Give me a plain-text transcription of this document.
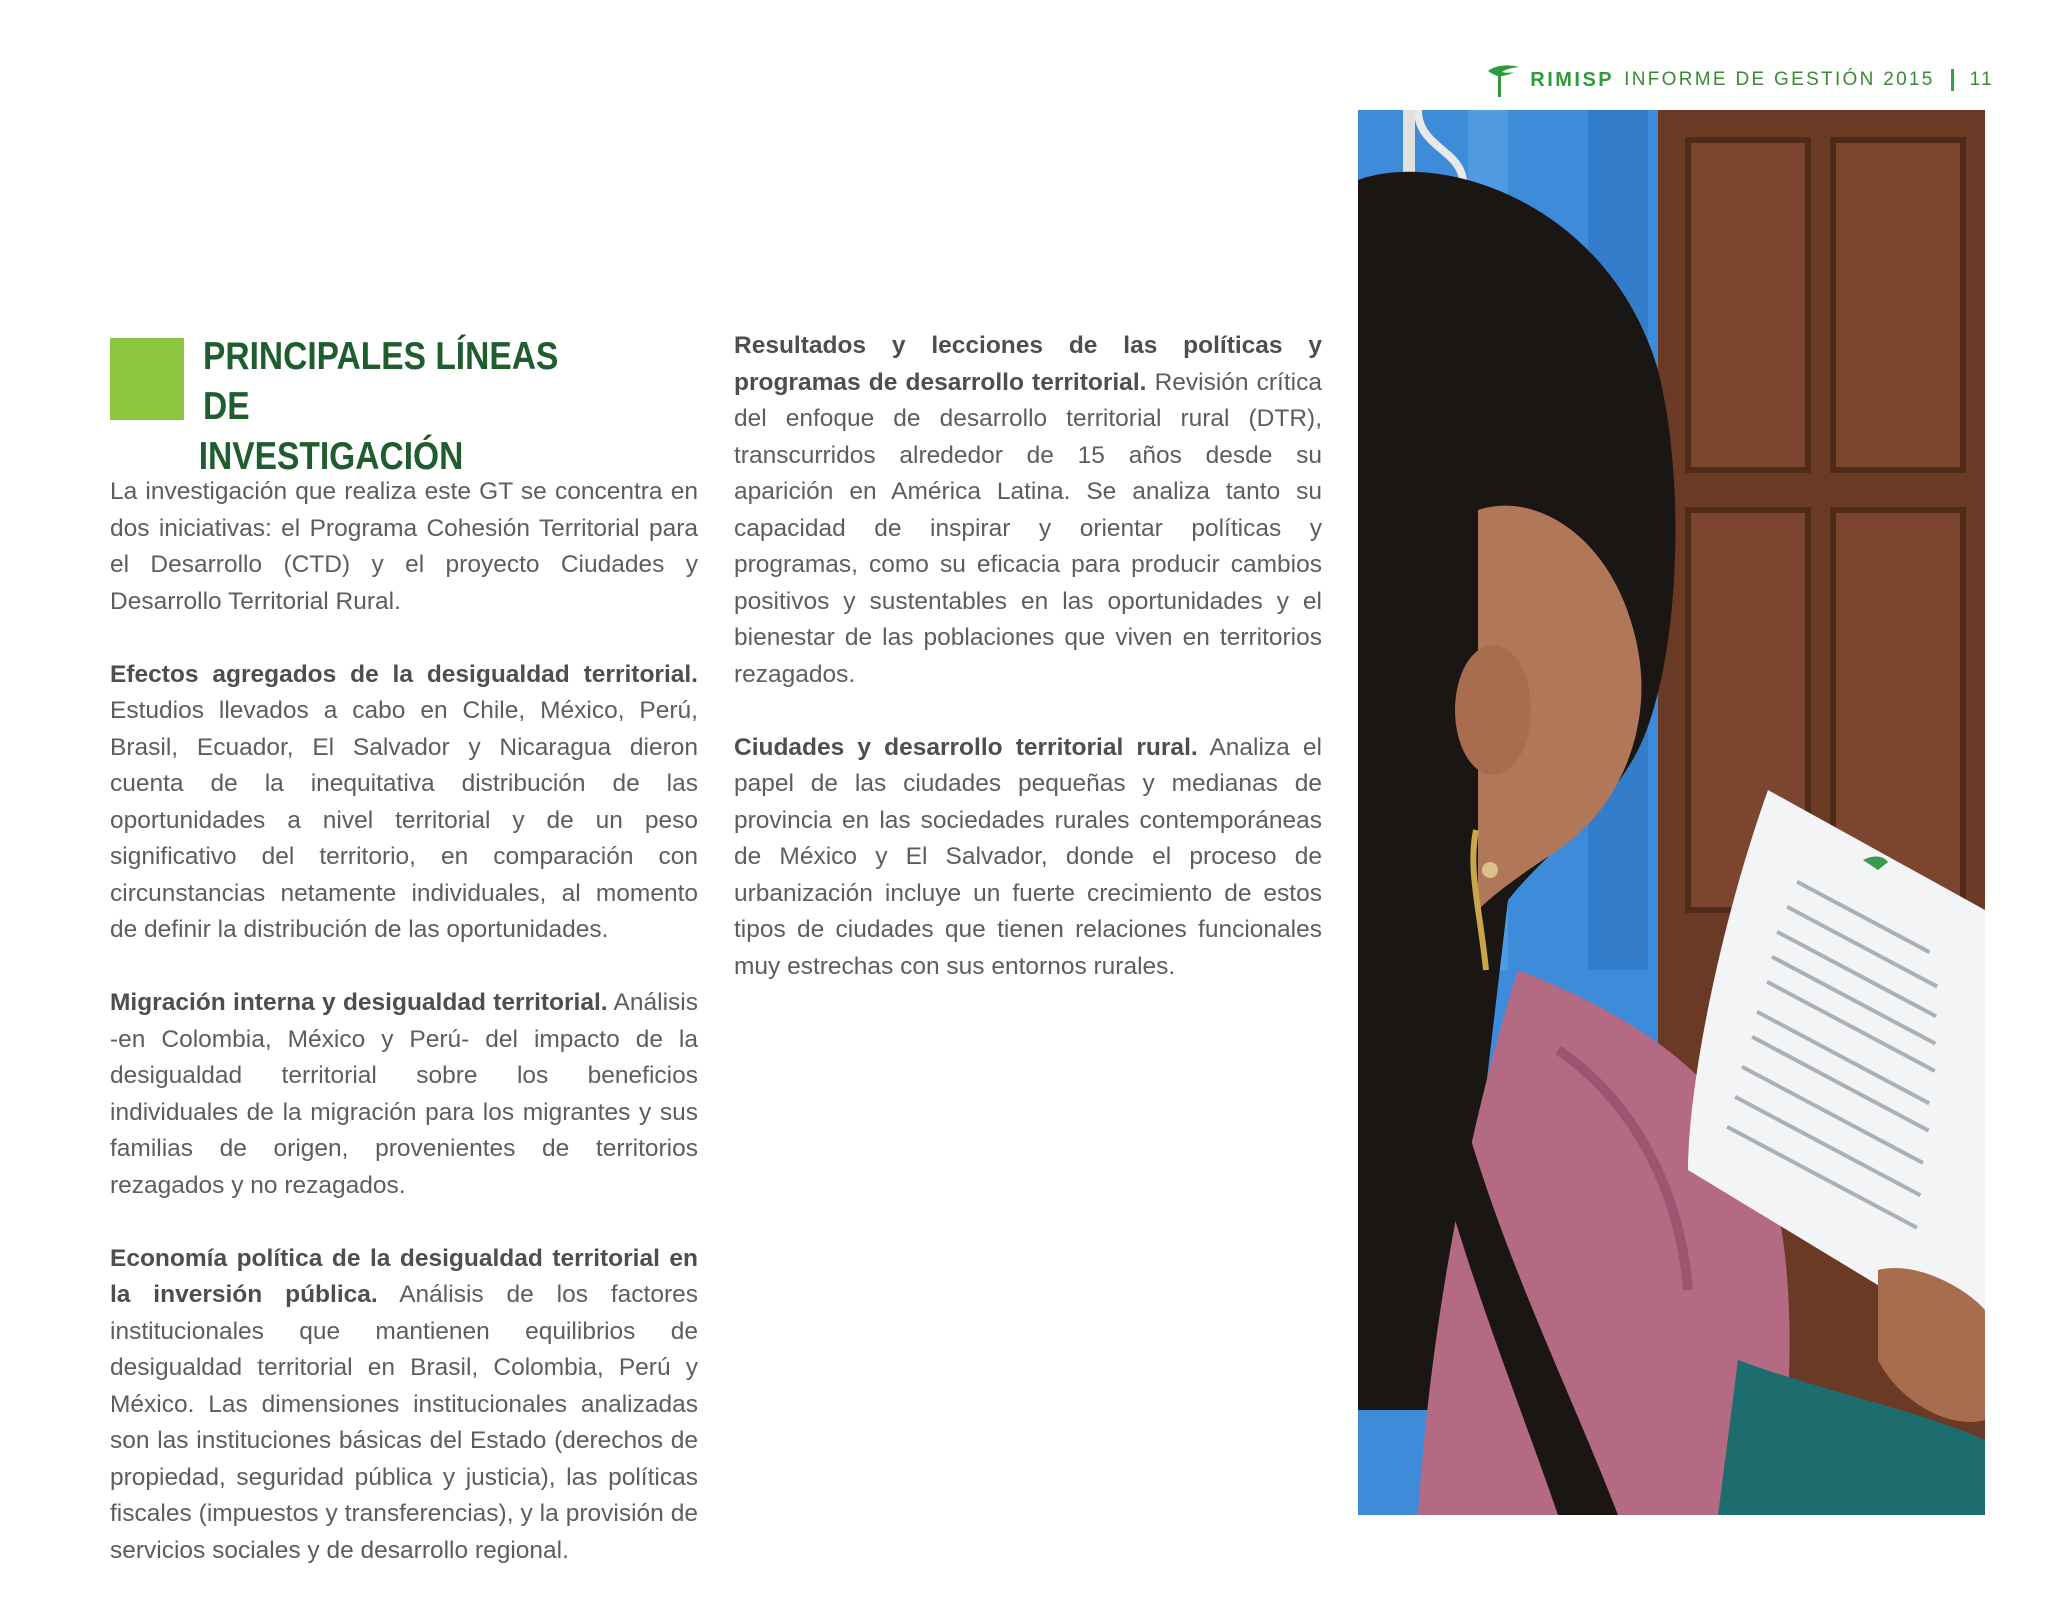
RIMISP INFORME DE GESTIÓN 2015 11
PRINCIPALES LÍNEAS DE
INVESTIGACIÓN

La investigación que realiza este GT se concentra en dos iniciativas: el Programa Cohesión Territorial para el Desarrollo (CTD) y el proyecto Ciudades y Desarrollo Territorial Rural.

Efectos agregados de la desigualdad territorial. Estudios llevados a cabo en Chile, México, Perú, Brasil, Ecuador, El Salvador y Nicaragua dieron cuenta de la inequitativa distribución de las oportunidades a nivel territorial y de un peso significativo del territorio, en comparación con circunstancias netamente individuales, al momento de definir la distribución de las oportunidades.

Migración interna y desigualdad territorial. Análisis -en Colombia, México y Perú- del impacto de la desigualdad territorial sobre los beneficios individuales de la migración para los migrantes y sus familias de origen, provenientes de territorios rezagados y no rezagados.

Economía política de la desigualdad territorial en la inversión pública. Análisis de los factores institucionales que mantienen equilibrios de desigualdad territorial en Brasil, Colombia, Perú y México. Las dimensiones institucionales analizadas son las instituciones básicas del Estado (derechos de propiedad, seguridad pública y justicia), las políticas fiscales (impuestos y transferencias), y la provisión de servicios sociales y de desarrollo regional.

Resultados y lecciones de las políticas y programas de desarrollo territorial. Revisión crítica del enfoque de desarrollo territorial rural (DTR), transcurridos alrededor de 15 años desde su aparición en América Latina. Se analiza tanto su capacidad de inspirar y orientar políticas y programas, como su eficacia para producir cambios positivos y sustentables en las oportunidades y el bienestar de las poblaciones que viven en territorios rezagados.

Ciudades y desarrollo territorial rural. Analiza el papel de las ciudades pequeñas y medianas de provincia en las sociedades rurales contemporáneas de México y El Salvador, donde el proceso de urbanización incluye un fuerte crecimiento de estos tipos de ciudades que tienen relaciones funcionales muy estrechas con sus entornos rurales.
